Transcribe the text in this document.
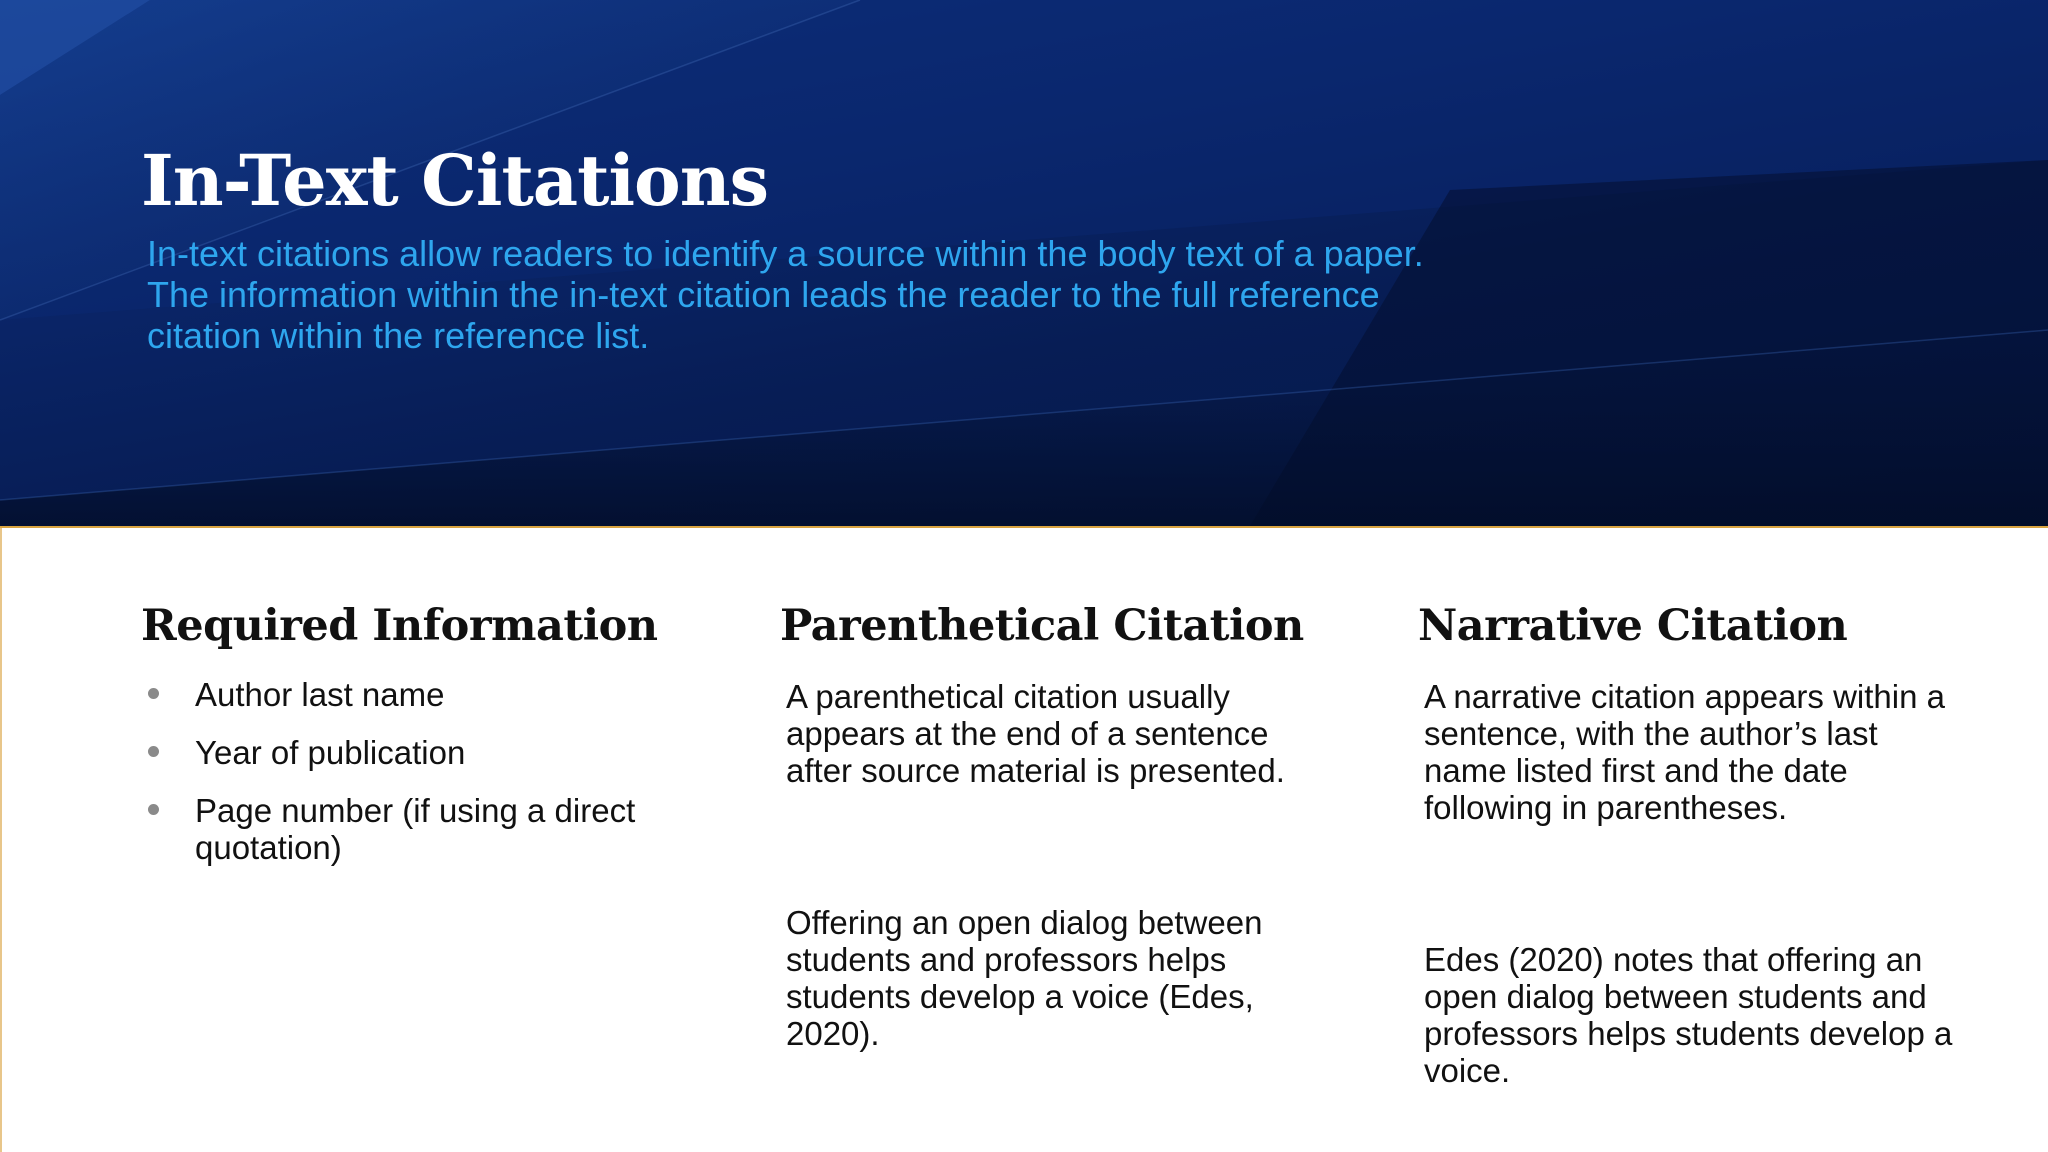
In-Text Citations

In-text citations allow readers to identify a source within the body text of a paper. The information within the in-text citation leads the reader to the full reference citation within the reference list.

Required Information
Author last name
Year of publication
Page number (if using a direct quotation)
Parenthetical Citation

A parenthetical citation usually appears at the end of a sentence after source material is presented.

Offering an open dialog between students and professors helps students develop a voice (Edes, 2020).

Narrative Citation

A narrative citation appears within a sentence, with the author’s last name listed first and the date following in parentheses.

Edes (2020) notes that offering an open dialog between students and professors helps students develop a voice.
